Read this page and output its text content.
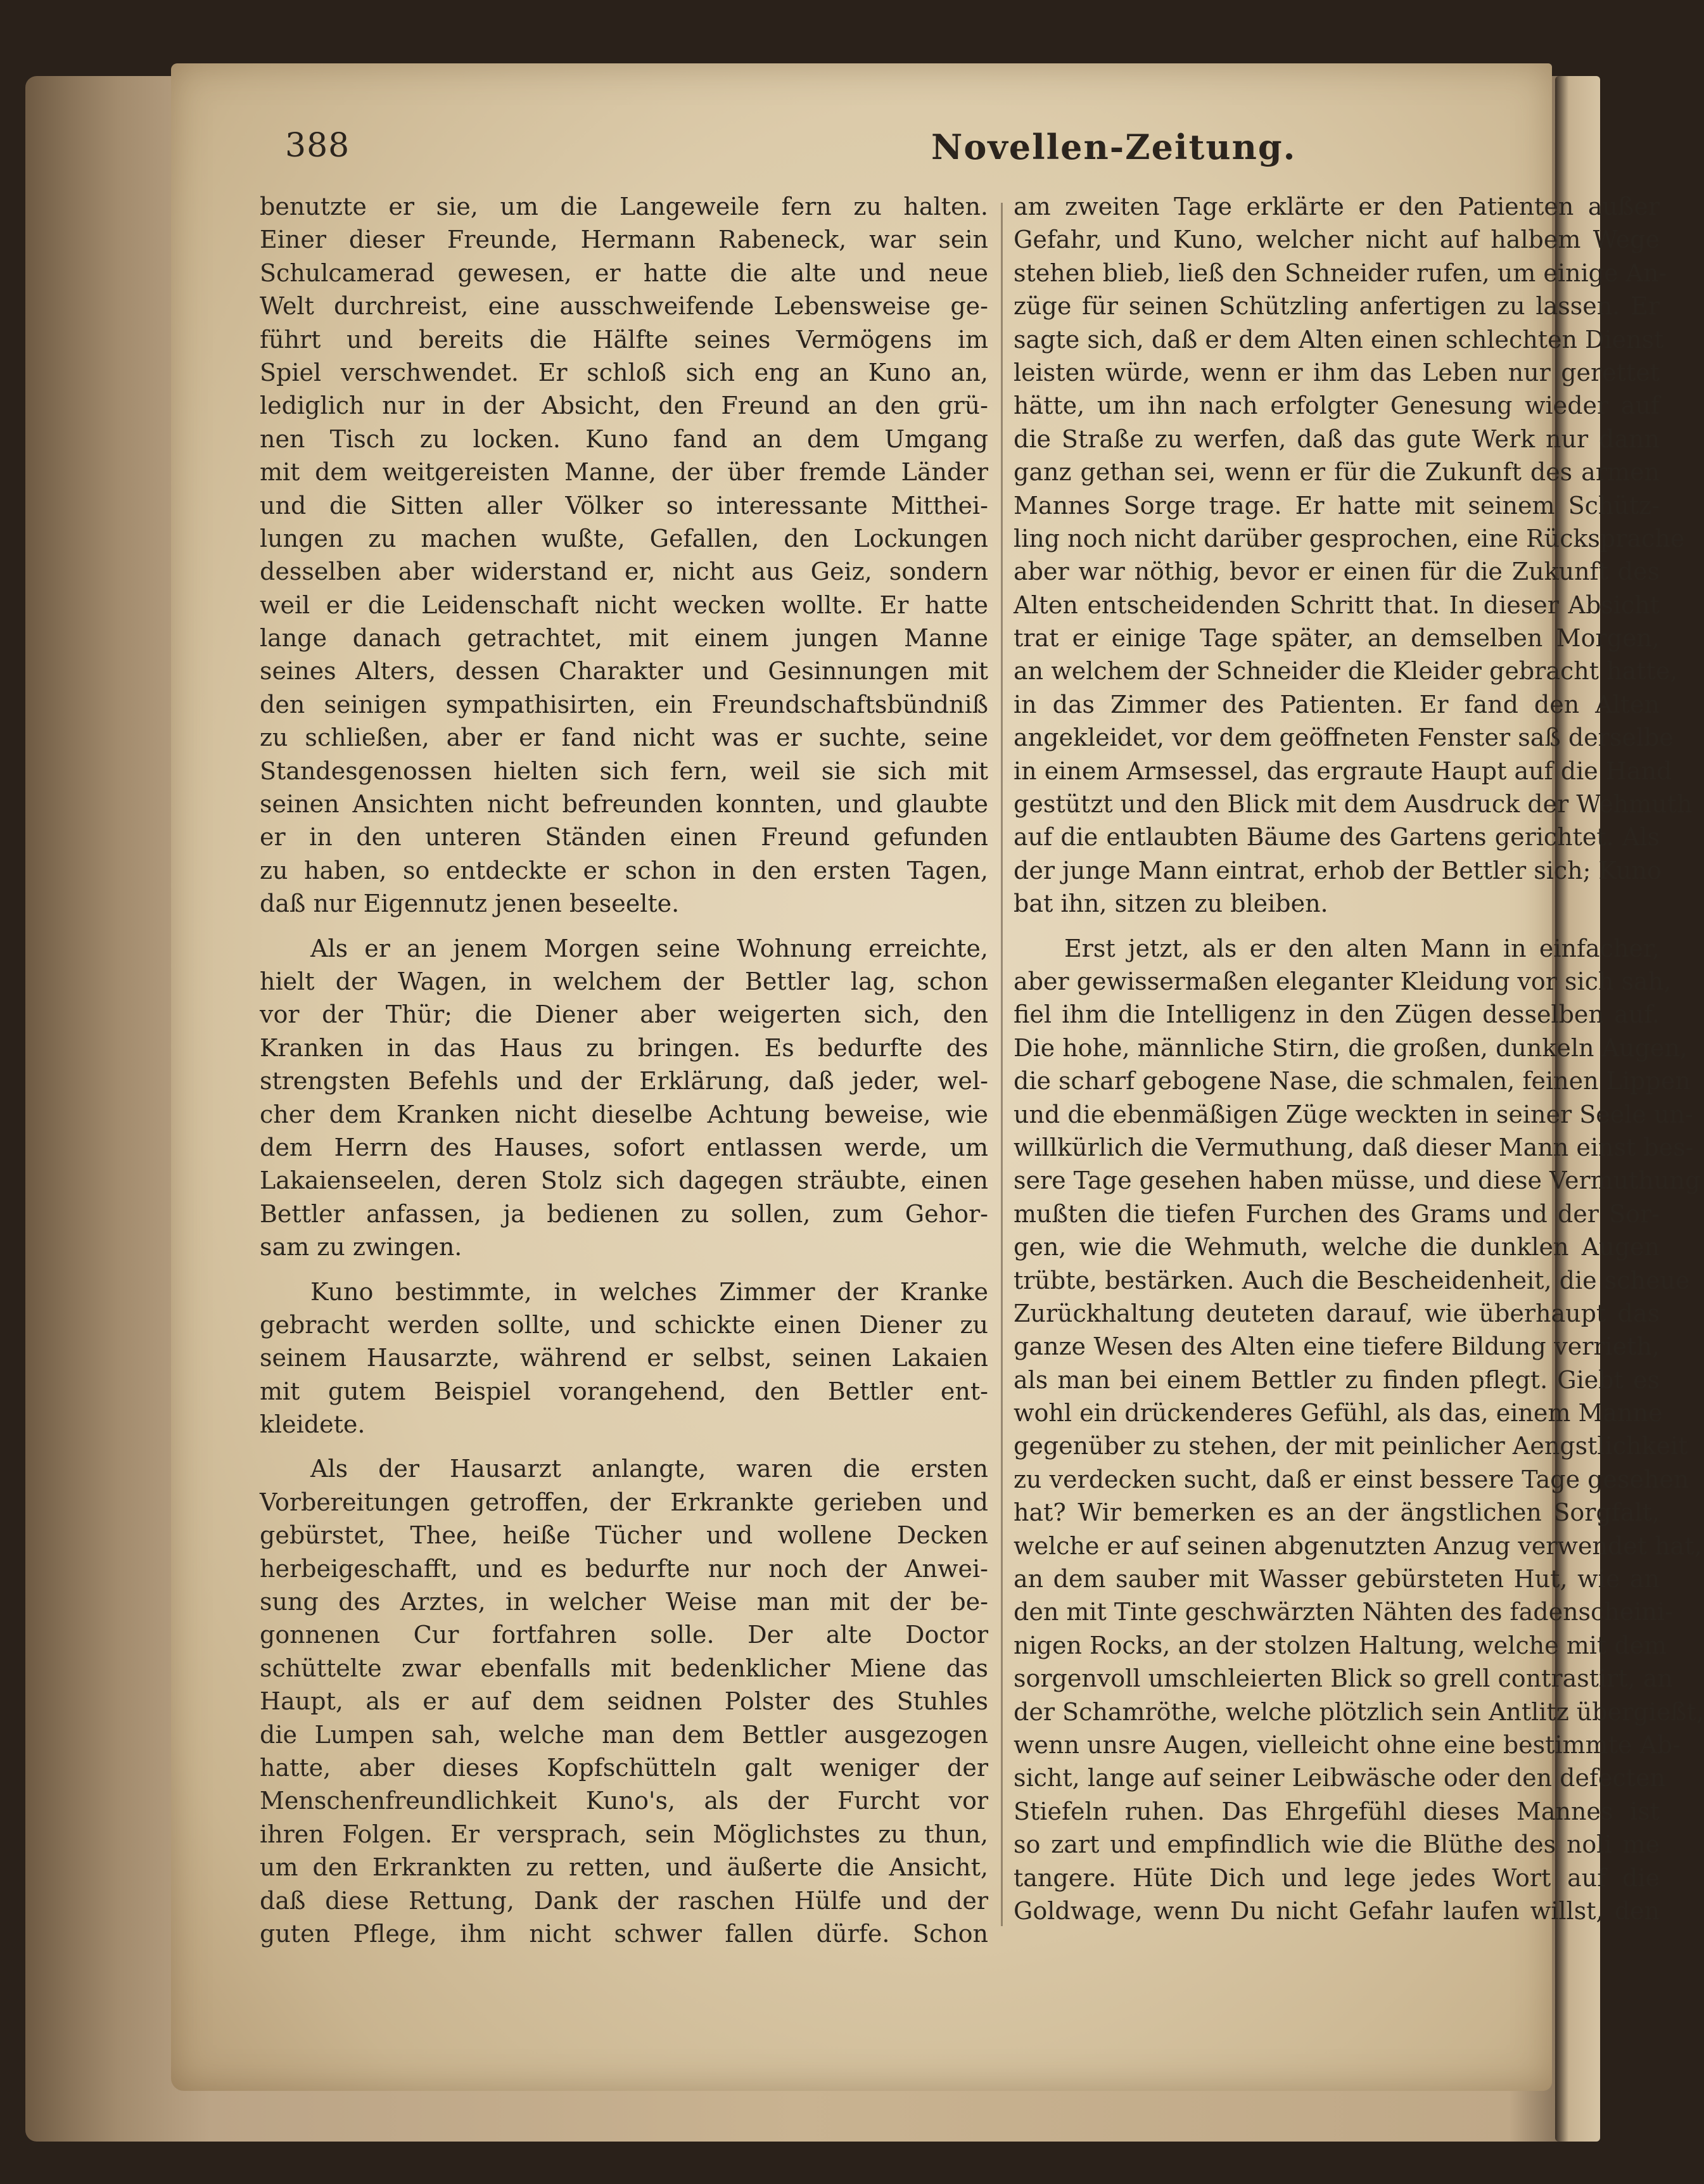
388	Novellen-Zeitung.
benutzte er sie, um die Langeweile fern zu halten.
Einer dieser Freunde, Hermann Rabeneck, war sein
Schulcamerad gewesen, er hatte die alte und neue
Welt durchreist, eine ausschweifende Lebensweise ge-
führt und bereits die Hälfte seines Vermögens im
Spiel verschwendet. Er schloß sich eng an Kuno an,
lediglich nur in der Absicht, den Freund an den grü-
nen Tisch zu locken. Kuno fand an dem Umgang
mit dem weitgereisten Manne, der über fremde Länder
und die Sitten aller Völker so interessante Mitthei-
lungen zu machen wußte, Gefallen, den Lockungen
desselben aber widerstand er, nicht aus Geiz, sondern
weil er die Leidenschaft nicht wecken wollte. Er hatte
lange danach getrachtet, mit einem jungen Manne
seines Alters, dessen Charakter und Gesinnungen mit
den seinigen sympathisirten, ein Freundschaftsbündniß
zu schließen, aber er fand nicht was er suchte, seine
Standesgenossen hielten sich fern, weil sie sich mit
seinen Ansichten nicht befreunden konnten, und glaubte
er in den unteren Ständen einen Freund gefunden
zu haben, so entdeckte er schon in den ersten Tagen,
daß nur Eigennutz jenen beseelte.
Als er an jenem Morgen seine Wohnung erreichte,
hielt der Wagen, in welchem der Bettler lag, schon
vor der Thür; die Diener aber weigerten sich, den
Kranken in das Haus zu bringen. Es bedurfte des
strengsten Befehls und der Erklärung, daß jeder, wel-
cher dem Kranken nicht dieselbe Achtung beweise, wie
dem Herrn des Hauses, sofort entlassen werde, um
Lakaienseelen, deren Stolz sich dagegen sträubte, einen
Bettler anfassen, ja bedienen zu sollen, zum Gehor-
sam zu zwingen.
Kuno bestimmte, in welches Zimmer der Kranke
gebracht werden sollte, und schickte einen Diener zu
seinem Hausarzte, während er selbst, seinen Lakaien
mit gutem Beispiel vorangehend, den Bettler ent-
kleidete.
Als der Hausarzt anlangte, waren die ersten
Vorbereitungen getroffen, der Erkrankte gerieben und
gebürstet, Thee, heiße Tücher und wollene Decken
herbeigeschafft, und es bedurfte nur noch der Anwei-
sung des Arztes, in welcher Weise man mit der be-
gonnenen Cur fortfahren solle. Der alte Doctor
schüttelte zwar ebenfalls mit bedenklicher Miene das
Haupt, als er auf dem seidnen Polster des Stuhles
die Lumpen sah, welche man dem Bettler ausgezogen
hatte, aber dieses Kopfschütteln galt weniger der
Menschenfreundlichkeit Kuno's, als der Furcht vor
ihren Folgen. Er versprach, sein Möglichstes zu thun,
um den Erkrankten zu retten, und äußerte die Ansicht,
daß diese Rettung, Dank der raschen Hülfe und der
guten Pflege, ihm nicht schwer fallen dürfe. Schon
am zweiten Tage erklärte er den Patienten außer
Gefahr, und Kuno, welcher nicht auf halbem Wege
stehen blieb, ließ den Schneider rufen, um einige An-
züge für seinen Schützling anfertigen zu lassen. Er
sagte sich, daß er dem Alten einen schlechten Dienst
leisten würde, wenn er ihm das Leben nur gerettet
hätte, um ihn nach erfolgter Genesung wieder auf
die Straße zu werfen, daß das gute Werk nur dann
ganz gethan sei, wenn er für die Zukunft des armen
Mannes Sorge trage. Er hatte mit seinem Schütz-
ling noch nicht darüber gesprochen, eine Rücksprache
aber war nöthig, bevor er einen für die Zukunft des
Alten entscheidenden Schritt that. In dieser Absicht
trat er einige Tage später, an demselben Morgen,
an welchem der Schneider die Kleider gebracht hatte,
in das Zimmer des Patienten. Er fand den Alten
angekleidet, vor dem geöffneten Fenster saß derselbe
in einem Armsessel, das ergraute Haupt auf die Hand
gestützt und den Blick mit dem Ausdruck der Wehmuth
auf die entlaubten Bäume des Gartens gerichtet. Als
der junge Mann eintrat, erhob der Bettler sich; Kuno
bat ihn, sitzen zu bleiben.
Erst jetzt, als er den alten Mann in einfacher,
aber gewissermaßen eleganter Kleidung vor sich sah,
fiel ihm die Intelligenz in den Zügen desselben auf.
Die hohe, männliche Stirn, die großen, dunkeln Augen,
die scharf gebogene Nase, die schmalen, feinen Lippen
und die ebenmäßigen Züge weckten in seiner Seele un-
willkürlich die Vermuthung, daß dieser Mann einst bes-
sere Tage gesehen haben müsse, und diese Vermuthung
mußten die tiefen Furchen des Grams und der Sor-
gen, wie die Wehmuth, welche die dunklen Augen
trübte, bestärken. Auch die Bescheidenheit, die scheue
Zurückhaltung deuteten darauf, wie überhaupt das
ganze Wesen des Alten eine tiefere Bildung verrieth,
als man bei einem Bettler zu finden pflegt. Giebt es
wohl ein drückenderes Gefühl, als das, einem Manne
gegenüber zu stehen, der mit peinlicher Aengstlichkeit
zu verdecken sucht, daß er einst bessere Tage gesehen
hat? Wir bemerken es an der ängstlichen Sorgfalt,
welche er auf seinen abgenutzten Anzug verwendet hat,
an dem sauber mit Wasser gebürsteten Hut, wie an
den mit Tinte geschwärzten Nähten des fadenscheini-
nigen Rocks, an der stolzen Haltung, welche mit dem
sorgenvoll umschleierten Blick so grell contrastirt, an
der Schamröthe, welche plötzlich sein Antlitz übergießt,
wenn unsre Augen, vielleicht ohne eine bestimmte Ab-
sicht, lange auf seiner Leibwäsche oder den defecten
Stiefeln ruhen. Das Ehrgefühl dieses Mannes ist
so zart und empfindlich wie die Blüthe des noli me
tangere. Hüte Dich und lege jedes Wort auf die
Goldwage, wenn Du nicht Gefahr laufen willst, den
